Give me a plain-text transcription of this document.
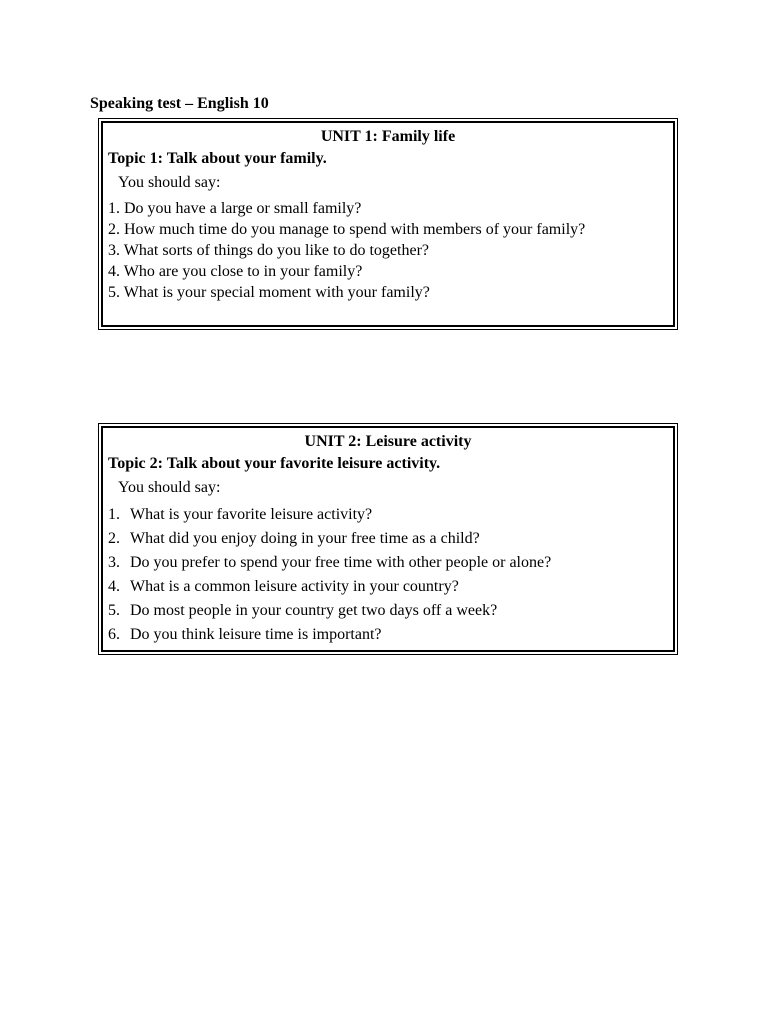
Speaking test – English 10
UNIT 1: Family life
Topic 1: Talk about your family.
You should say:
1. Do you have a large or small family?
2. How much time do you manage to spend with members of your family?
3. What sorts of things do you like to do together?
4. Who are you close to in your family?
5. What is your special moment with your family?
UNIT 2: Leisure activity
Topic 2: Talk about your favorite leisure activity.
You should say:
1. What is your favorite leisure activity?
2. What did you enjoy doing in your free time as a child?
3. Do you prefer to spend your free time with other people or alone?
4. What is a common leisure activity in your country?
5. Do most people in your country get two days off a week?
6. Do you think leisure time is important?
